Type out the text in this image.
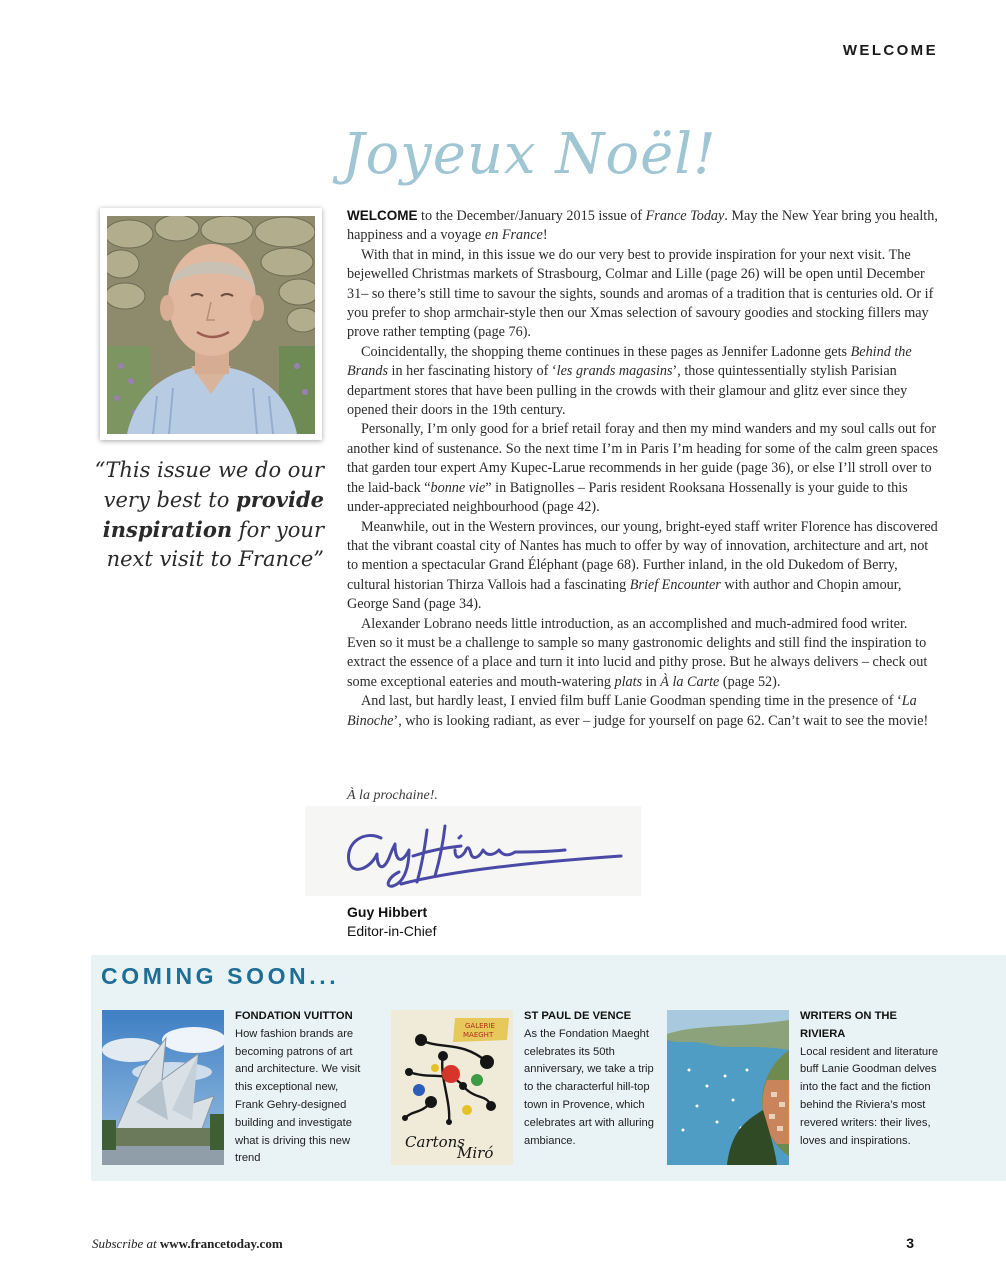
WELCOME
Joyeux Noël!
“This issue we do our very best to provide inspiration for your next visit to France”

WELCOME to the December/January 2015 issue of France Today. May the New Year bring you health, happiness and a voyage en France!

With that in mind, in this issue we do our very best to provide inspiration for your next visit. The bejewelled Christmas markets of Strasbourg, Colmar and Lille (page 26) will be open until December 31– so there’s still time to savour the sights, sounds and aromas of a tradition that is centuries old. Or if you prefer to shop armchair-style then our Xmas selection of savoury goodies and stocking fillers may prove rather tempting (page 76).

Coincidentally, the shopping theme continues in these pages as Jennifer Ladonne gets Behind the Brands in her fascinating history of ‘les grands magasins’, those quintessentially stylish Parisian department stores that have been pulling in the crowds with their glamour and glitz ever since they opened their doors in the 19th century.

Personally, I’m only good for a brief retail foray and then my mind wanders and my soul calls out for another kind of sustenance. So the next time I’m in Paris I’m heading for some of the calm green spaces that garden tour expert Amy Kupec-Larue recommends in her guide (page 36), or else I’ll stroll over to the laid-back “bonne vie” in Batignolles – Paris resident Rooksana Hossenally is your guide to this under-appreciated neighbourhood (page 42).

Meanwhile, out in the Western provinces, our young, bright-eyed staff writer Florence has discovered that the vibrant coastal city of Nantes has much to offer by way of innovation, architecture and art, not to mention a spectacular Grand Éléphant (page 68). Further inland, in the old Dukedom of Berry, cultural historian Thirza Vallois had a fascinating Brief Encounter with author and Chopin amour, George Sand (page 34).

Alexander Lobrano needs little introduction, as an accomplished and much-admired food writer. Even so it must be a challenge to sample so many gastronomic delights and still find the inspiration to extract the essence of a place and turn it into lucid and pithy prose. But he always delivers – check out some exceptional eateries and mouth-watering plats in À la Carte (page 52).

And last, but hardly least, I envied film buff Lanie Goodman spending time in the presence of ‘La Binoche’, who is looking radiant, as ever – judge for yourself on page 62. Can’t wait to see the movie!

À la prochaine!.
Guy Hibbert
Editor-in-Chief
COMING SOON...
FONDATION VUITTON
How fashion brands are becoming patrons of art and architecture. We visit this exceptional new, Frank Gehry-designed building and investigate what is driving this new trend
GALERIE
MAEGHT
Cartons
Miró
ST PAUL DE VENCE
As the Fondation Maeght celebrates its 50th anniversary, we take a trip to the characterful hill-top town in Provence, which celebrates art with alluring ambiance.
WRITERS ON THE RIVIERA
Local resident and literature buff Lanie Goodman delves into the fact and the fiction behind the Riviera’s most revered writers: their lives, loves and inspirations.
Subscribe at www.francetoday.com	3
